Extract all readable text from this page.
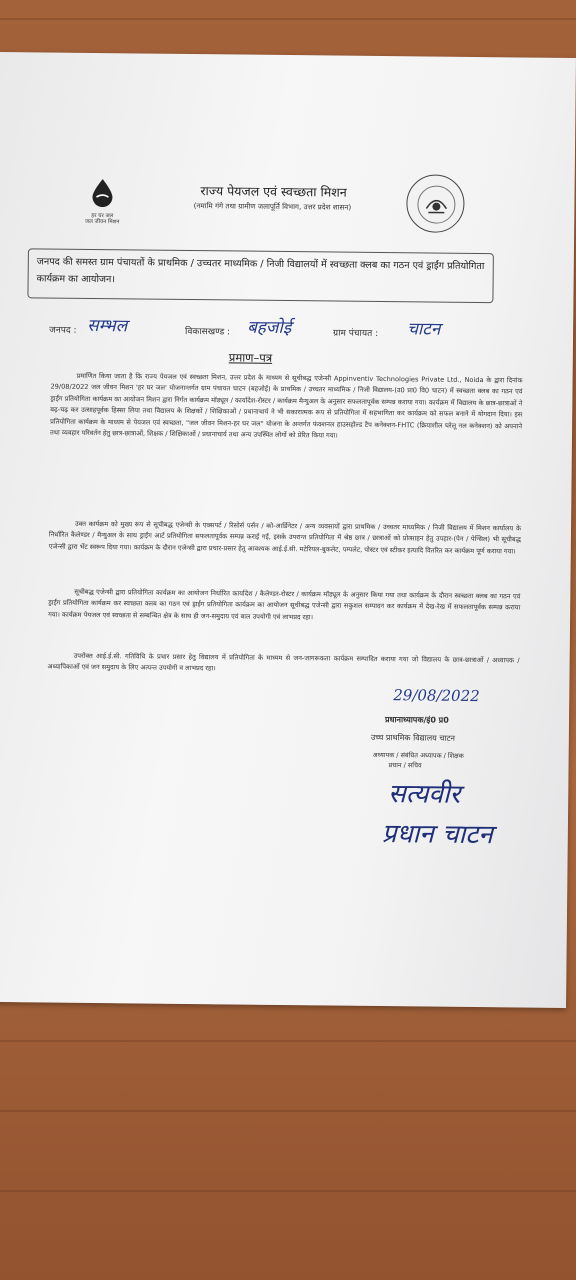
हर घर जल
जल जीवन मिशन
राज्य पेयजल एवं स्वच्छता मिशन
(नमामि गंगे तथा ग्रामीण जलापूर्ति विभाग, उत्तर प्रदेश शासन)
जनपद की समस्त ग्राम पंचायतों के प्राथमिक / उच्चतर माध्यमिक / निजी विद्यालयों में स्वच्छता क्लब का गठन एवं ड्राईंग प्रतियोगिता कार्यक्रम का आयोजन।
जनपद : सम्भल	विकासखण्ड : बहजोई	ग्राम पंचायत : चाटन
प्रमाण–पत्र
प्रमाणित किया जाता है कि राज्य पेयजल एवं स्वच्छता मिशन, उत्तर प्रदेश के माध्यम से सूचीबद्ध एजेन्सी Appinventiv Technologies Private Ltd., Noida के द्वारा दिनांक 29/08/2022 जल जीवन मिशन 'हर घर जल' योजनान्तर्गत ग्राम पंचायत चाटन (बहजोई) के प्राथमिक / उच्चतर माध्यमिक / निजी विद्यालय-(उ0 प्रा0 वि0 चाटन) में स्वच्छता क्लब का गठन एवं ड्राईंग प्रतियोगिता कार्यक्रम का आयोजन मिशन द्वारा निर्गत कार्यक्रम मॉड्यूल / कार्यादेश-रोस्टर / कार्यक्रम मैन्युअल के अनुसार सफलतापूर्वक सम्पन्न कराया गया। कार्यक्रम में विद्यालय के छात्र-छात्राओं ने बढ़-चढ़ कर उत्साहपूर्वक हिस्सा लिया तथा विद्यालय के शिक्षकों / शिक्षिकाओं / प्रधानाचार्य ने भी सकारात्मक रूप से प्रतियोगिता में सहभागिता कर कार्यक्रम को सफल बनाने में योगदान दिया। इस प्रतियोगिता कार्यक्रम के माध्यम से पेयजल एवं स्वच्छता, "जल जीवन मिशन-हर घर जल" योजना के अन्तर्गत फंक्शनल हाउसहोल्ड टैप कनेक्शन-FHTC (क्रियाशील घरेलू नल कनेक्शन) को अपनाने तथा व्यवहार परिवर्तन हेतु छात्र-छात्राओं, शिक्षक / शिक्षिकाओं / प्रधानाचार्य तथा अन्य उपस्थित लोगों को प्रेरित किया गया।
उक्त कार्यक्रम को मुख्य रूप से सूचीबद्ध एजेन्सी के एक्सपर्ट / रिसोर्स पर्सन / को-आर्डिनेटर / अन्य व्यवसायों द्वारा प्राथमिक / उच्चतर माध्यमिक / निजी विद्यालय में मिशन कार्यालय के निर्धारित कैलेण्डर / मैन्युअल के साथ ड्राईंग आर्ट प्रतियोगिता सफलतापूर्वक सम्पन्न कराई गई, इसके उपरान्त प्रतियोगिता में श्रेष्ठ छात्र / छात्राओं को प्रोत्साहन हेतु उपहार-(पेन / पेन्सिल) भी सूचीबद्ध एजेन्सी द्वारा भेंट स्वरूप दिया गया। कार्यक्रम के दौरान एजेन्सी द्वारा प्रचार-प्रसार हेतु आवश्यक आई.ई.सी. मटेरियल-बुकलेट, पम्पलेट, पोस्टर एवं स्टीकर इत्यादि वितरित कर कार्यक्रम पूर्ण कराया गया।
सूचीबद्ध एजेन्सी द्वारा प्रतियोगिता कार्यक्रम का आयोजन निर्धारित कार्यादेश / कैलेण्डर-रोस्टर / कार्यक्रम मॉड्यूल के अनुसार किया गया तथा कार्यक्रम के दौरान स्वच्छता क्लब का गठन एवं ड्राईंग प्रतियोगिता कार्यक्रम कर स्वच्छता क्लब का गठन एवं ड्राईंग प्रतियोगिता कार्यक्रम का आयोजन सूचीबद्ध एजेन्सी द्वारा सकुशल सम्पादन कर कार्यक्रम में देख-रेख में सफलतापूर्वक सम्पन्न कराया गया। कार्यक्रम पेयजल एवं स्वच्छता से सम्बन्धित क्षेत्र के साथ ही जन-समुदाय एवं बाल उपयोगी एवं लाभप्रद रहा।
उपरोक्त आई.ई.सी. गतिविधि के प्रचार प्रसार हेतु विद्यालय में प्रतियोगिता के माध्यम से जन-जागरूकता कार्यक्रम सम्पादित कराया गया जो विद्यालय के छात्र-छात्राओं / अध्यापक / अध्यापिकाओं एवं जन समुदाय के लिए अत्यन्त उपयोगी व लाभप्रद रहा।
29/08/2022
प्रधानाध्यापक/इं0 प्र0
उच्च प्राथमिक विद्यालय चाटन
अध्यापक / संबंधित अध्यापक / शिक्षक
प्रधान / सचिव
सत्यवीर
प्रधान चाटन
